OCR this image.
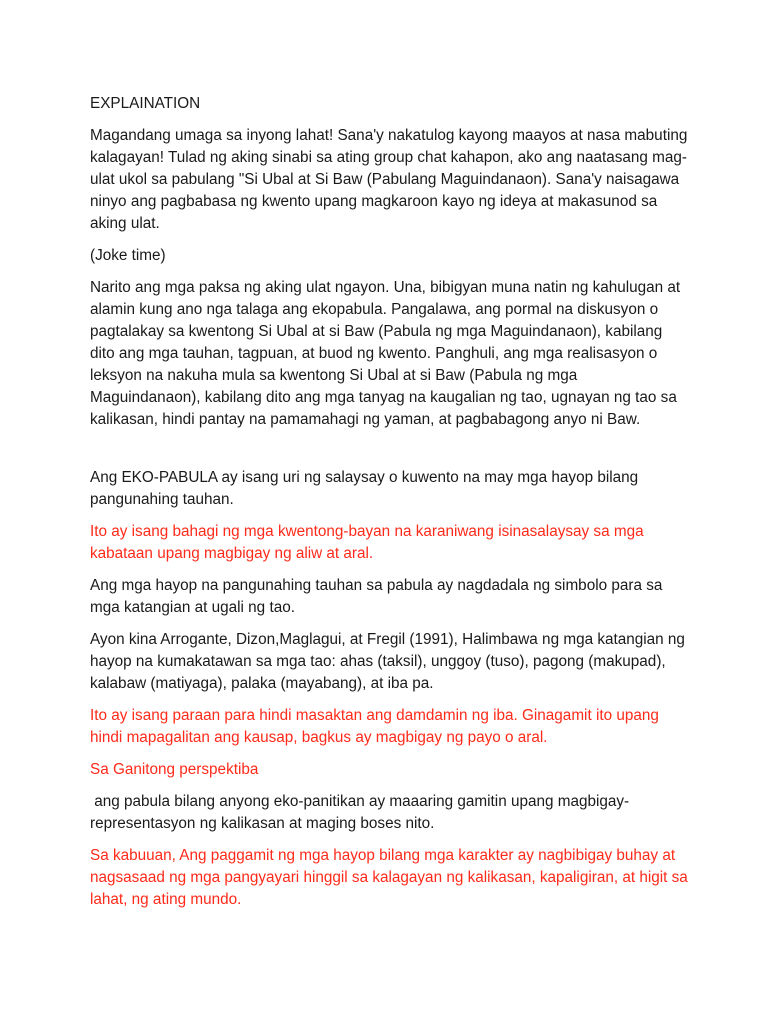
EXPLAINATION

Magandang umaga sa inyong lahat! Sana'y nakatulog kayong maayos at nasa mabuting kalagayan! Tulad ng aking sinabi sa ating group chat kahapon, ako ang naatasang mag-ulat ukol sa pabulang "Si Ubal at Si Baw (Pabulang Maguindanaon). Sana'y naisagawa ninyo ang pagbabasa ng kwento upang magkaroon kayo ng ideya at makasunod sa aking ulat.

(Joke time)

Narito ang mga paksa ng aking ulat ngayon. Una, bibigyan muna natin ng kahulugan at alamin kung ano nga talaga ang ekopabula. Pangalawa, ang pormal na diskusyon o pagtalakay sa kwentong Si Ubal at si Baw (Pabula ng mga Maguindanaon), kabilang dito ang mga tauhan, tagpuan, at buod ng kwento. Panghuli, ang mga realisasyon o leksyon na nakuha mula sa kwentong Si Ubal at si Baw (Pabula ng mga Maguindanaon), kabilang dito ang mga tanyag na kaugalian ng tao, ugnayan ng tao sa kalikasan, hindi pantay na pamamahagi ng yaman, at pagbabagong anyo ni Baw.

Ang EKO-PABULA ay isang uri ng salaysay o kuwento na may mga hayop bilang pangunahing tauhan.

Ito ay isang bahagi ng mga kwentong-bayan na karaniwang isinasalaysay sa mga kabataan upang magbigay ng aliw at aral.

Ang mga hayop na pangunahing tauhan sa pabula ay nagdadala ng simbolo para sa mga katangian at ugali ng tao.

Ayon kina Arrogante, Dizon,Maglagui, at Fregil (1991), Halimbawa ng mga katangian ng hayop na kumakatawan sa mga tao: ahas (taksil), unggoy (tuso), pagong (makupad), kalabaw (matiyaga), palaka (mayabang), at iba pa.

Ito ay isang paraan para hindi masaktan ang damdamin ng iba. Ginagamit ito upang hindi mapagalitan ang kausap, bagkus ay magbigay ng payo o aral.

Sa Ganitong perspektiba

ang pabula bilang anyong eko-panitikan ay maaaring gamitin upang magbigay-representasyon ng kalikasan at maging boses nito.

Sa kabuuan, Ang paggamit ng mga hayop bilang mga karakter ay nagbibigay buhay at nagsasaad ng mga pangyayari hinggil sa kalagayan ng kalikasan, kapaligiran, at higit sa lahat, ng ating mundo.
